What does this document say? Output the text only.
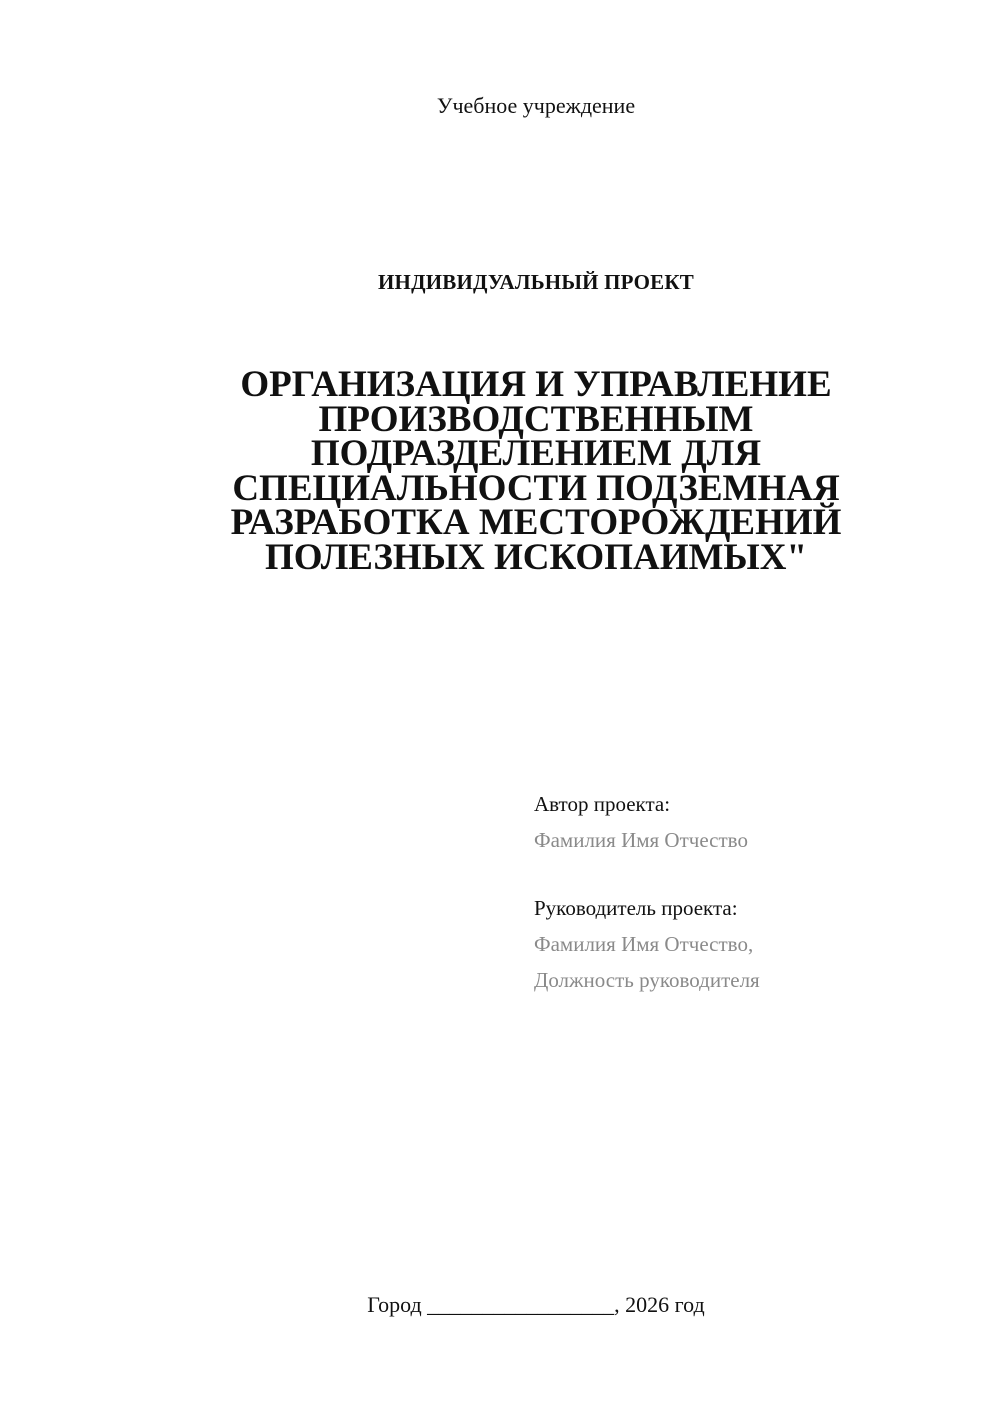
Учебное учреждение
ИНДИВИДУАЛЬНЫЙ ПРОЕКТ
ОРГАНИЗАЦИЯ И УПРАВЛЕНИЕ
ПРОИЗВОДСТВЕННЫМ
ПОДРАЗДЕЛЕНИЕМ ДЛЯ
СПЕЦИАЛЬНОСТИ ПОДЗЕМНАЯ
РАЗРАБОТКА МЕСТОРОЖДЕНИЙ
ПОЛЕЗНЫХ ИСКОПАИМЫХ"
Автор проекта:
Фамилия Имя Отчество
Руководитель проекта:
Фамилия Имя Отчество,
Должность руководителя
Город _________________, 2026 год
